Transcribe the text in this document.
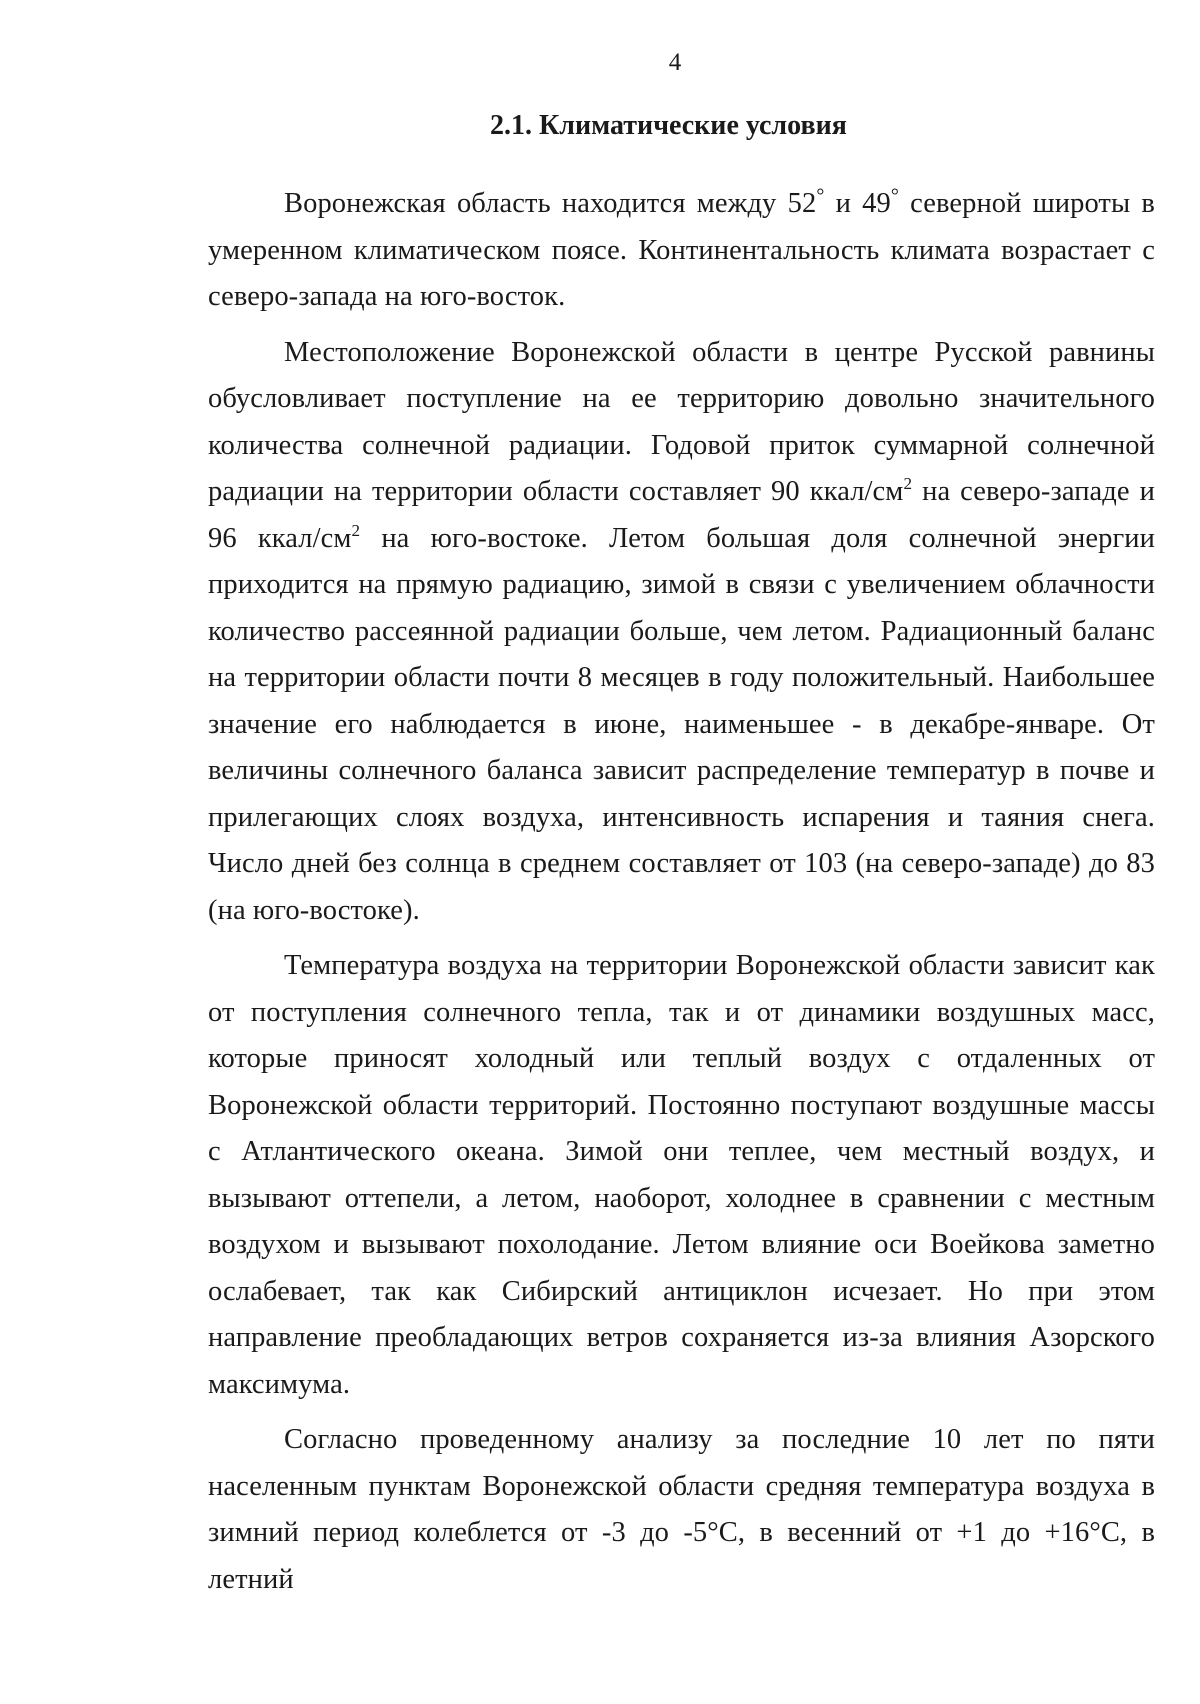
4
2.1. Климатические условия

Воронежская область находится между 52° и 49° северной широты в умеренном климатическом поясе. Континентальность климата возрастает с северо-запада на юго-восток.

Местоположение Воронежской области в центре Русской равнины обусловливает поступление на ее территорию довольно значительного количества солнечной радиации. Годовой приток суммарной солнечной радиации на территории области составляет 90 ккал/$см^2$ на северо-западе и 96 ккал/$см^2$ на юго-востоке. Летом большая доля солнечной энергии приходится на прямую радиацию, зимой в связи с увеличением облачности количество рассеянной радиации больше, чем летом. Радиационный баланс на территории области почти 8 месяцев в году положительный. Наибольшее значение его наблюдается в июне, наименьшее - в декабре-январе. От величины солнечного баланса зависит распределение температур в почве и прилегающих слоях воздуха, интенсивность испарения и таяния снега. Число дней без солнца в среднем составляет от 103 (на северо-западе) до 83 (на юго-востоке).

Температура воздуха на территории Воронежской области зависит как от поступления солнечного тепла, так и от динамики воздушных масс, которые приносят холодный или теплый воздух с отдаленных от Воронежской области территорий. Постоянно поступают воздушные массы с Атлантического океана. Зимой они теплее, чем местный воздух, и вызывают оттепели, а летом, наоборот, холоднее в сравнении с местным воздухом и вызывают похолодание. Летом влияние оси Воейкова заметно ослабевает, так как Сибирский антициклон исчезает. Но при этом направление преобладающих ветров сохраняется из-за влияния Азорского максимума.

Согласно проведенному анализу за последние 10 лет по пяти населенным пунктам Воронежской области средняя температура воздуха в зимний период колеблется от -3 до -5°С, в весенний от +1 до +16°С, в летний
